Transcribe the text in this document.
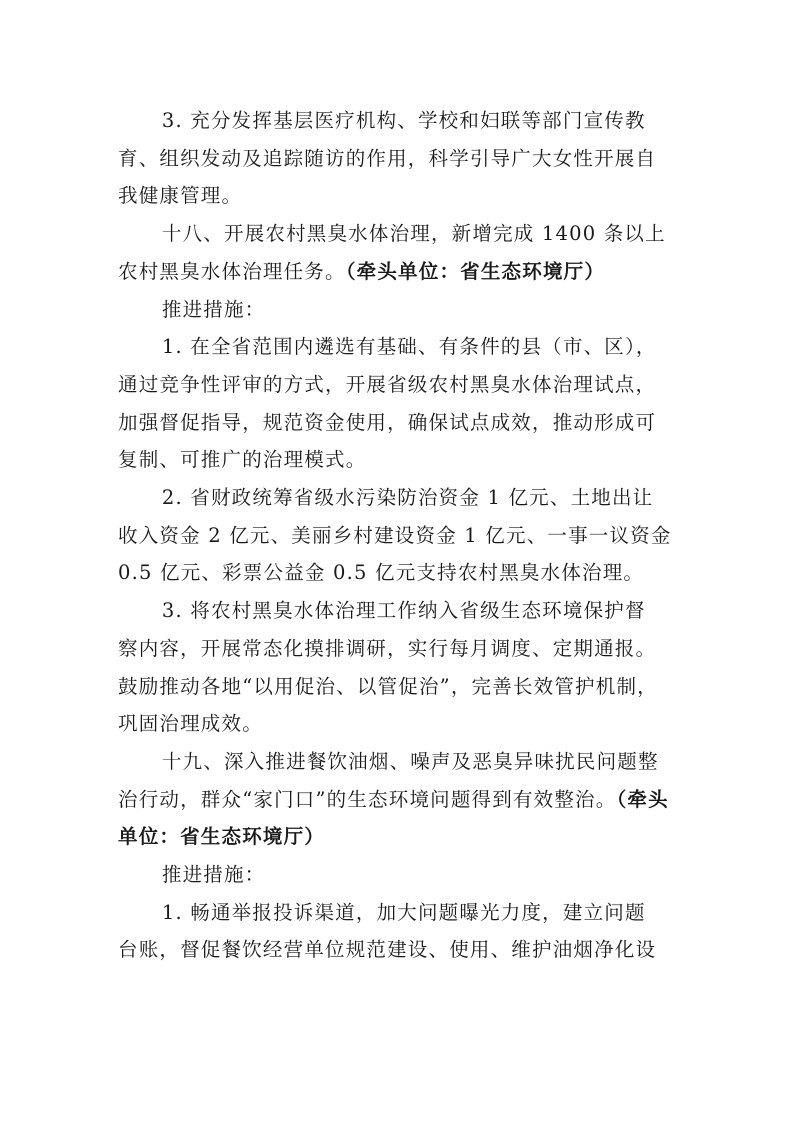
3. 充分发挥基层医疗机构、学校和妇联等部门宣传教
育、组织发动及追踪随访的作用，科学引导广大女性开展自
我健康管理。
十八、开展农村黑臭水体治理，新增完成 1400 条以上
农村黑臭水体治理任务。（牵头单位：省生态环境厅）
推进措施：
1. 在全省范围内遴选有基础、有条件的县（市、区），
通过竞争性评审的方式，开展省级农村黑臭水体治理试点，
加强督促指导，规范资金使用，确保试点成效，推动形成可
复制、可推广的治理模式。
2. 省财政统筹省级水污染防治资金 1 亿元、土地出让
收入资金 2 亿元、美丽乡村建设资金 1 亿元、一事一议资金
0.5 亿元、彩票公益金 0.5 亿元支持农村黑臭水体治理。
3. 将农村黑臭水体治理工作纳入省级生态环境保护督
察内容，开展常态化摸排调研，实行每月调度、定期通报。
鼓励推动各地“以用促治、以管促治”，完善长效管护机制，
巩固治理成效。
十九、深入推进餐饮油烟、噪声及恶臭异味扰民问题整
治行动，群众“家门口”的生态环境问题得到有效整治。（牵头
单位：省生态环境厅）
推进措施：
1. 畅通举报投诉渠道，加大问题曝光力度，建立问题
台账，督促餐饮经营单位规范建设、使用、维护油烟净化设
